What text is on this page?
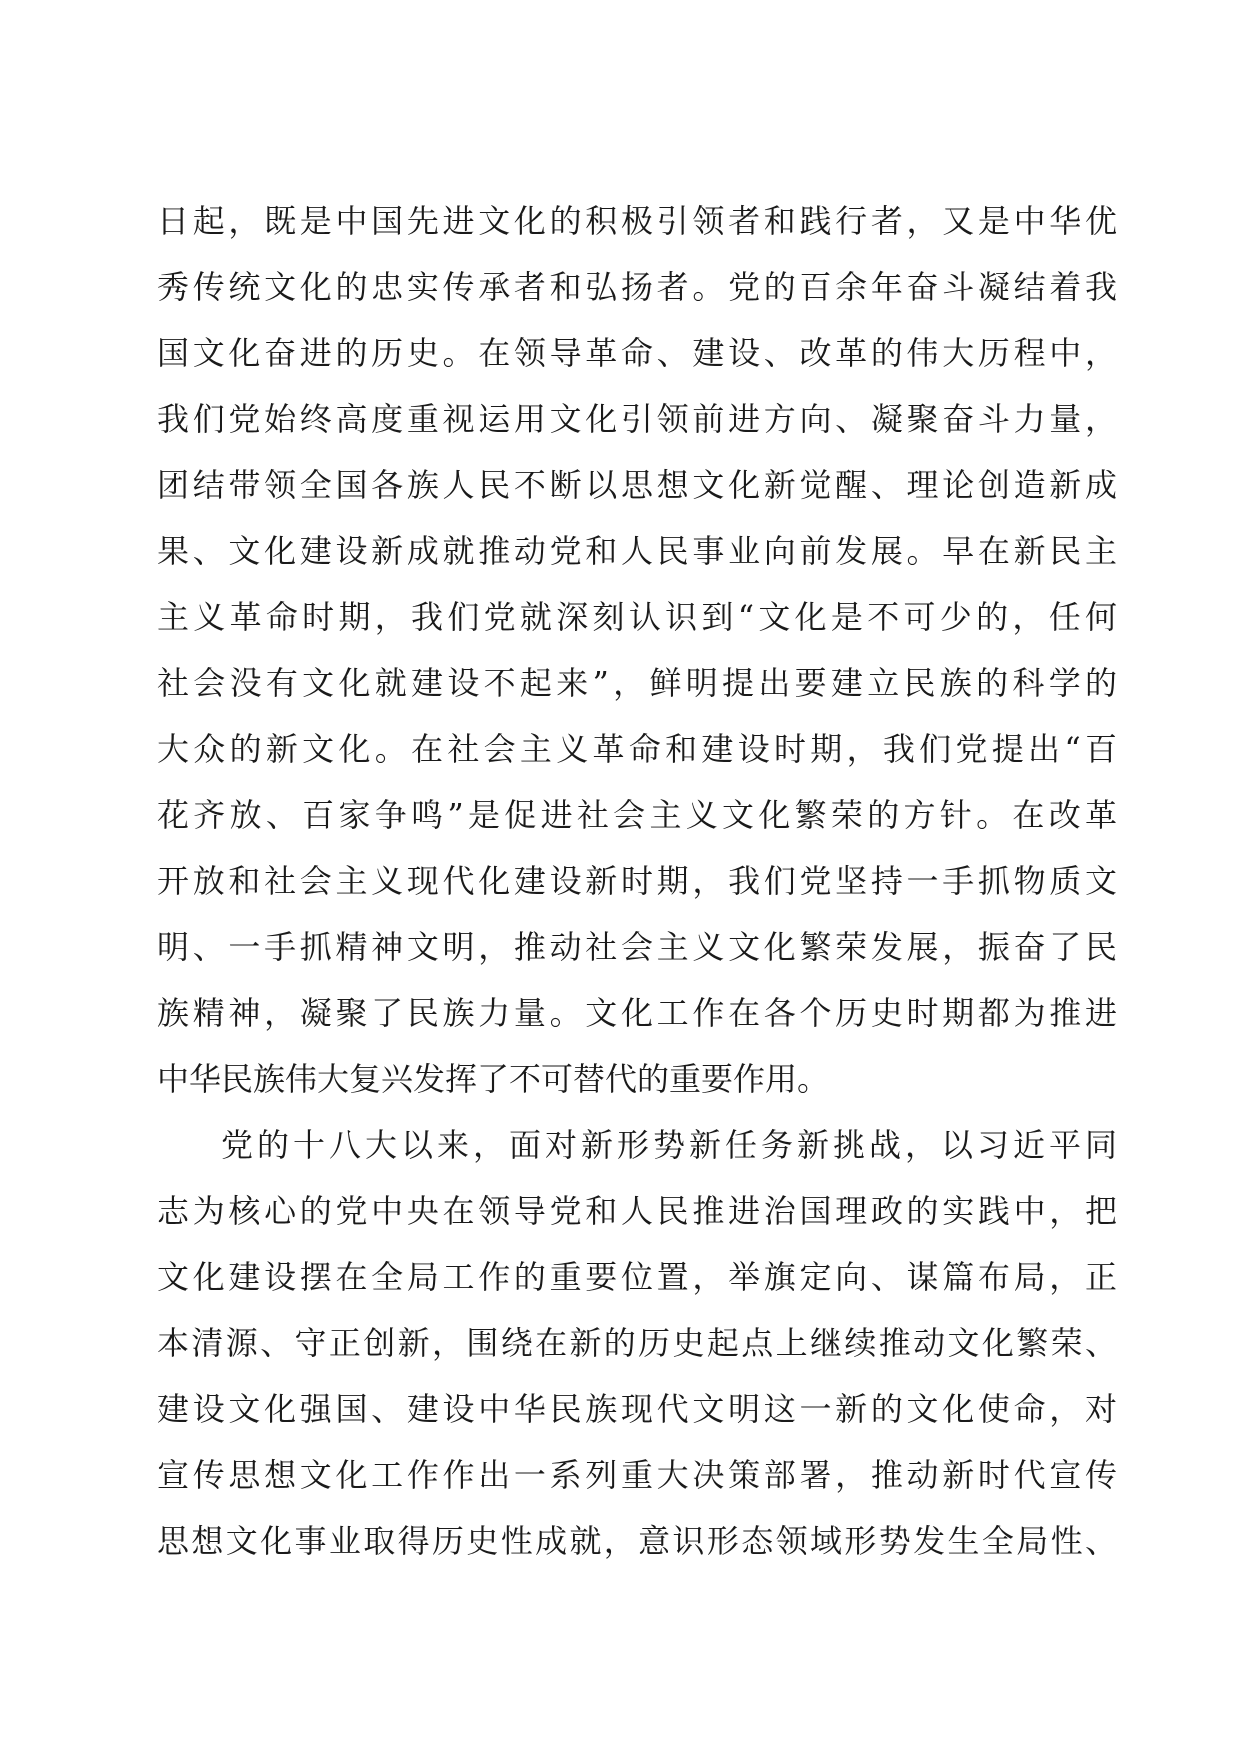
日起，既是中国先进文化的积极引领者和践行者，又是中华优
秀传统文化的忠实传承者和弘扬者。党的百余年奋斗凝结着我
国文化奋进的历史。在领导革命、建设、改革的伟大历程中，
我们党始终高度重视运用文化引领前进方向、凝聚奋斗力量，
团结带领全国各族人民不断以思想文化新觉醒、理论创造新成
果、文化建设新成就推动党和人民事业向前发展。早在新民主
主义革命时期，我们党就深刻认识到“文化是不可少的，任何
社会没有文化就建设不起来”，鲜明提出要建立民族的科学的
大众的新文化。在社会主义革命和建设时期，我们党提出“百
花齐放、百家争鸣”是促进社会主义文化繁荣的方针。在改革
开放和社会主义现代化建设新时期，我们党坚持一手抓物质文
明、一手抓精神文明，推动社会主义文化繁荣发展，振奋了民
族精神，凝聚了民族力量。文化工作在各个历史时期都为推进
中华民族伟大复兴发挥了不可替代的重要作用。
党的十八大以来，面对新形势新任务新挑战，以习近平同
志为核心的党中央在领导党和人民推进治国理政的实践中，把
文化建设摆在全局工作的重要位置，举旗定向、谋篇布局，正
本清源、守正创新，围绕在新的历史起点上继续推动文化繁荣、
建设文化强国、建设中华民族现代文明这一新的文化使命，对
宣传思想文化工作作出一系列重大决策部署，推动新时代宣传
思想文化事业取得历史性成就，意识形态领域形势发生全局性、
